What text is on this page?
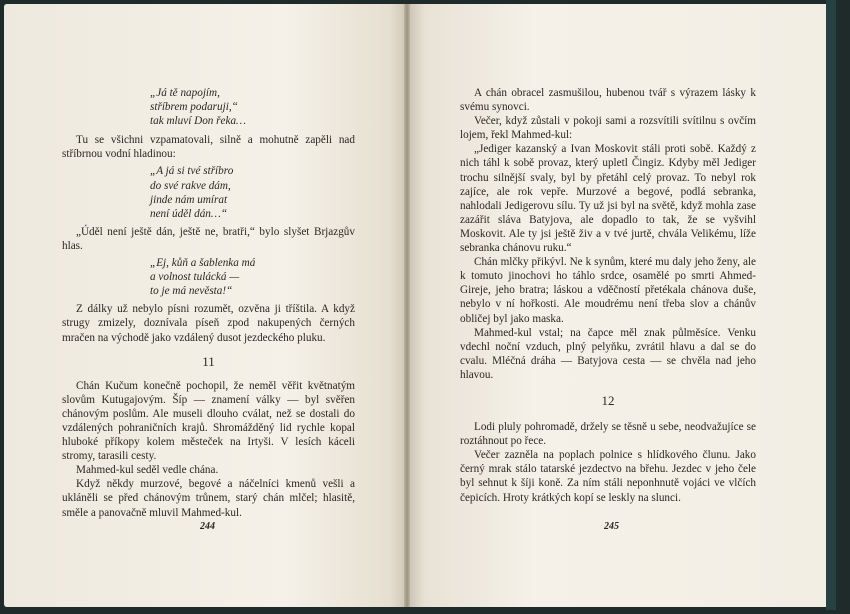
„Já tě napojím,
stříbrem podaruji,“
tak mluví Don řeka…

Tu se všichni vzpamatovali, silně a mohutně zapěli nad stříbrnou vodní hladinou:

„A já si tvé stříbro
do své rakve dám,
jinde nám umírat
není úděl dán…“

„Úděl není ještě dán, ještě ne, bratři,“ bylo slyšet Brjazgův hlas.

„Ej, kůň a šablenka má
a volnost tulácká —
to je má nevěsta!“

Z dálky už nebylo písni rozumět, ozvěna ji tříštila. A když strugy zmizely, doznívala píseň zpod nakupených černých mračen na východě jako vzdálený dusot jezdeckého pluku.

11

Chán Kučum konečně pochopil, že neměl věřit květnatým slovům Kutugajovým. Šíp — znamení války — byl svěřen chánovým poslům. Ale museli dlouho cválat, než se dostali do vzdálených pohraničních krajů. Shromážděný lid rychle kopal hluboké příkopy kolem městeček na Irtyši. V lesích káceli stromy, tarasili cesty.

Mahmed-kul seděl vedle chána.

Když někdy murzové, begové a náčelníci kmenů vešli a ukláněli se před chánovým trůnem, starý chán mlčel; hlasitě, směle a panovačně mluvil Mahmed-kul.

244

A chán obracel zasmušilou, hubenou tvář s výrazem lásky k svému synovci.

Večer, když zůstali v pokoji sami a rozsvítili svítilnu s ovčím lojem, řekl Mahmed-kul:

„Jediger kazanský a Ivan Moskovit stáli proti sobě. Každý z nich táhl k sobě provaz, který upletl Čingiz. Kdyby měl Jediger trochu silnější svaly, byl by přetáhl celý provaz. To nebyl rok zajíce, ale rok vepře. Murzové a begové, podlá sebranka, nahlodali Jedigerovu sílu. Ty už jsi byl na světě, když mohla zase zazářit sláva Batyjova, ale dopadlo to tak, že se vyšvihl Moskovit. Ale ty jsi ještě živ a v tvé jurtě, chvála Velikému, líže sebranka chánovu ruku.“

Chán mlčky přikývl. Ne k synům, které mu daly jeho ženy, ale k tomuto jinochovi ho táhlo srdce, osamělé po smrti Ahmed-Gireje, jeho bratra; láskou a vděčností přetékala chánova duše, nebylo v ní hořkosti. Ale moudrému není třeba slov a chánův obličej byl jako maska.

Mahmed-kul vstal; na čapce měl znak půlměsíce. Venku vdechl noční vzduch, plný pelyňku, zvrátil hlavu a dal se do cvalu. Mléčná dráha — Batyjova cesta — se chvěla nad jeho hlavou.

12

Lodi pluly pohromadě, držely se těsně u sebe, neodvažujíce se roztáhnout po řece.

Večer zazněla na poplach polnice s hlídkového člunu. Jako černý mrak stálo tatarské jezdectvo na břehu. Jezdec v jeho čele byl sehnut k šíji koně. Za ním stáli neponhnutě vojáci ve vlčích čepicích. Hroty krátkých kopí se leskly na slunci.

245
